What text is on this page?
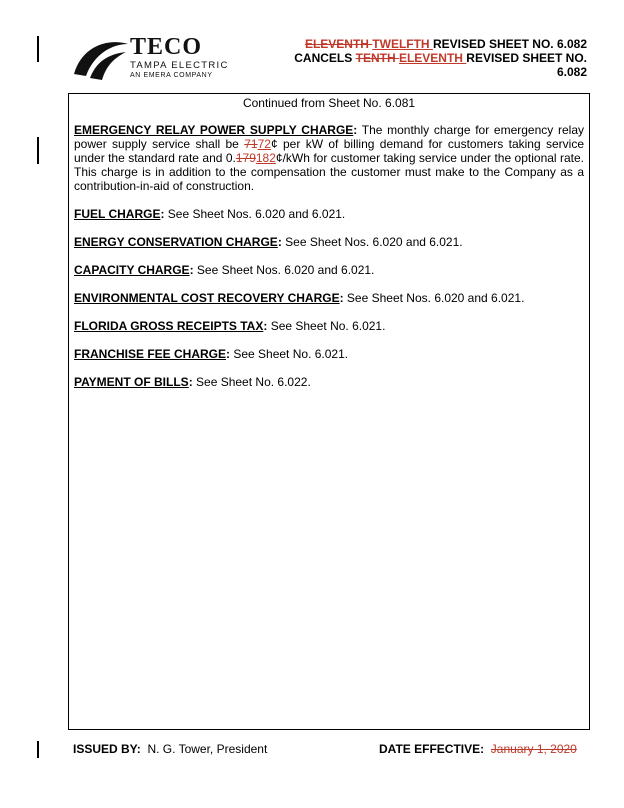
TECO
TAMPA ELECTRIC
AN EMERA COMPANY
ELEVENTH TWELFTH REVISED SHEET NO. 6.082
CANCELS TENTH ELEVENTH REVISED SHEET NO.
6.082
Continued from Sheet No. 6.081

EMERGENCY RELAY POWER SUPPLY CHARGE: The monthly charge for emergency relay power supply service shall be 7172¢ per kW of billing demand for customers taking service under the standard rate and 0.179182¢/kWh for customer taking service under the optional rate. This charge is in addition to the compensation the customer must make to the Company as a contribution-in-aid of construction.

FUEL CHARGE: See Sheet Nos. 6.020 and 6.021.

ENERGY CONSERVATION CHARGE: See Sheet Nos. 6.020 and 6.021.

CAPACITY CHARGE: See Sheet Nos. 6.020 and 6.021.

ENVIRONMENTAL COST RECOVERY CHARGE: See Sheet Nos. 6.020 and 6.021.

FLORIDA GROSS RECEIPTS TAX: See Sheet No. 6.021.

FRANCHISE FEE CHARGE: See Sheet No. 6.021.

PAYMENT OF BILLS: See Sheet No. 6.022.

ISSUED BY: N. G. Tower, President	DATE EFFECTIVE: January 1, 2020
